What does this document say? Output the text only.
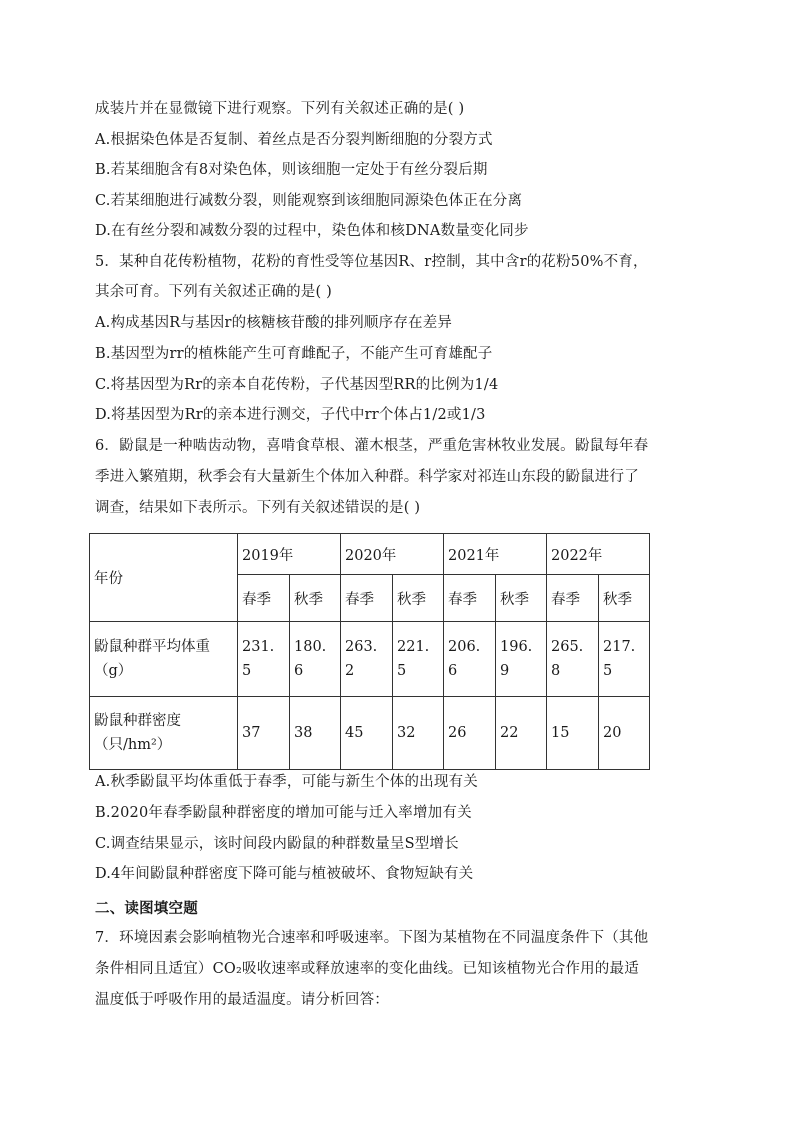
成装片并在显微镜下进行观察。下列有关叙述正确的是( )
A.根据染色体是否复制、着丝点是否分裂判断细胞的分裂方式
B.若某细胞含有8对染色体，则该细胞一定处于有丝分裂后期
C.若某细胞进行减数分裂，则能观察到该细胞同源染色体正在分离
D.在有丝分裂和减数分裂的过程中，染色体和核DNA数量变化同步
5．某种自花传粉植物，花粉的育性受等位基因R、r控制，其中含r的花粉50%不育，
其余可育。下列有关叙述正确的是( )
A.构成基因R与基因r的核糖核苷酸的排列顺序存在差异
B.基因型为rr的植株能产生可育雌配子，不能产生可育雄配子
C.将基因型为Rr的亲本自花传粉，子代基因型RR的比例为1/4
D.将基因型为Rr的亲本进行测交，子代中rr个体占1/2或1/3
6．鼢鼠是一种啮齿动物，喜啃食草根、灌木根茎，严重危害林牧业发展。鼢鼠每年春
季进入繁殖期，秋季会有大量新生个体加入种群。科学家对祁连山东段的鼢鼠进行了
调查，结果如下表所示。下列有关叙述错误的是( )
年份	2019年		2020年		2021年		2022年	
	春季	秋季	春季	秋季	春季	秋季	春季	秋季

鼢鼠种群平均体重（g）	231.5	180.6	263.2	221.5	206.6	196.9	265.8	217.5

鼢鼠种群密度（只/hm²）	37	38	45	32	26	22	15	20
A.秋季鼢鼠平均体重低于春季，可能与新生个体的出现有关
B.2020年春季鼢鼠种群密度的增加可能与迁入率增加有关
C.调查结果显示，该时间段内鼢鼠的种群数量呈S型增长
D.4年间鼢鼠种群密度下降可能与植被破坏、食物短缺有关
二、读图填空题
7．环境因素会影响植物光合速率和呼吸速率。下图为某植物在不同温度条件下（其他
条件相同且适宜）CO₂吸收速率或释放速率的变化曲线。已知该植物光合作用的最适
温度低于呼吸作用的最适温度。请分析回答：
